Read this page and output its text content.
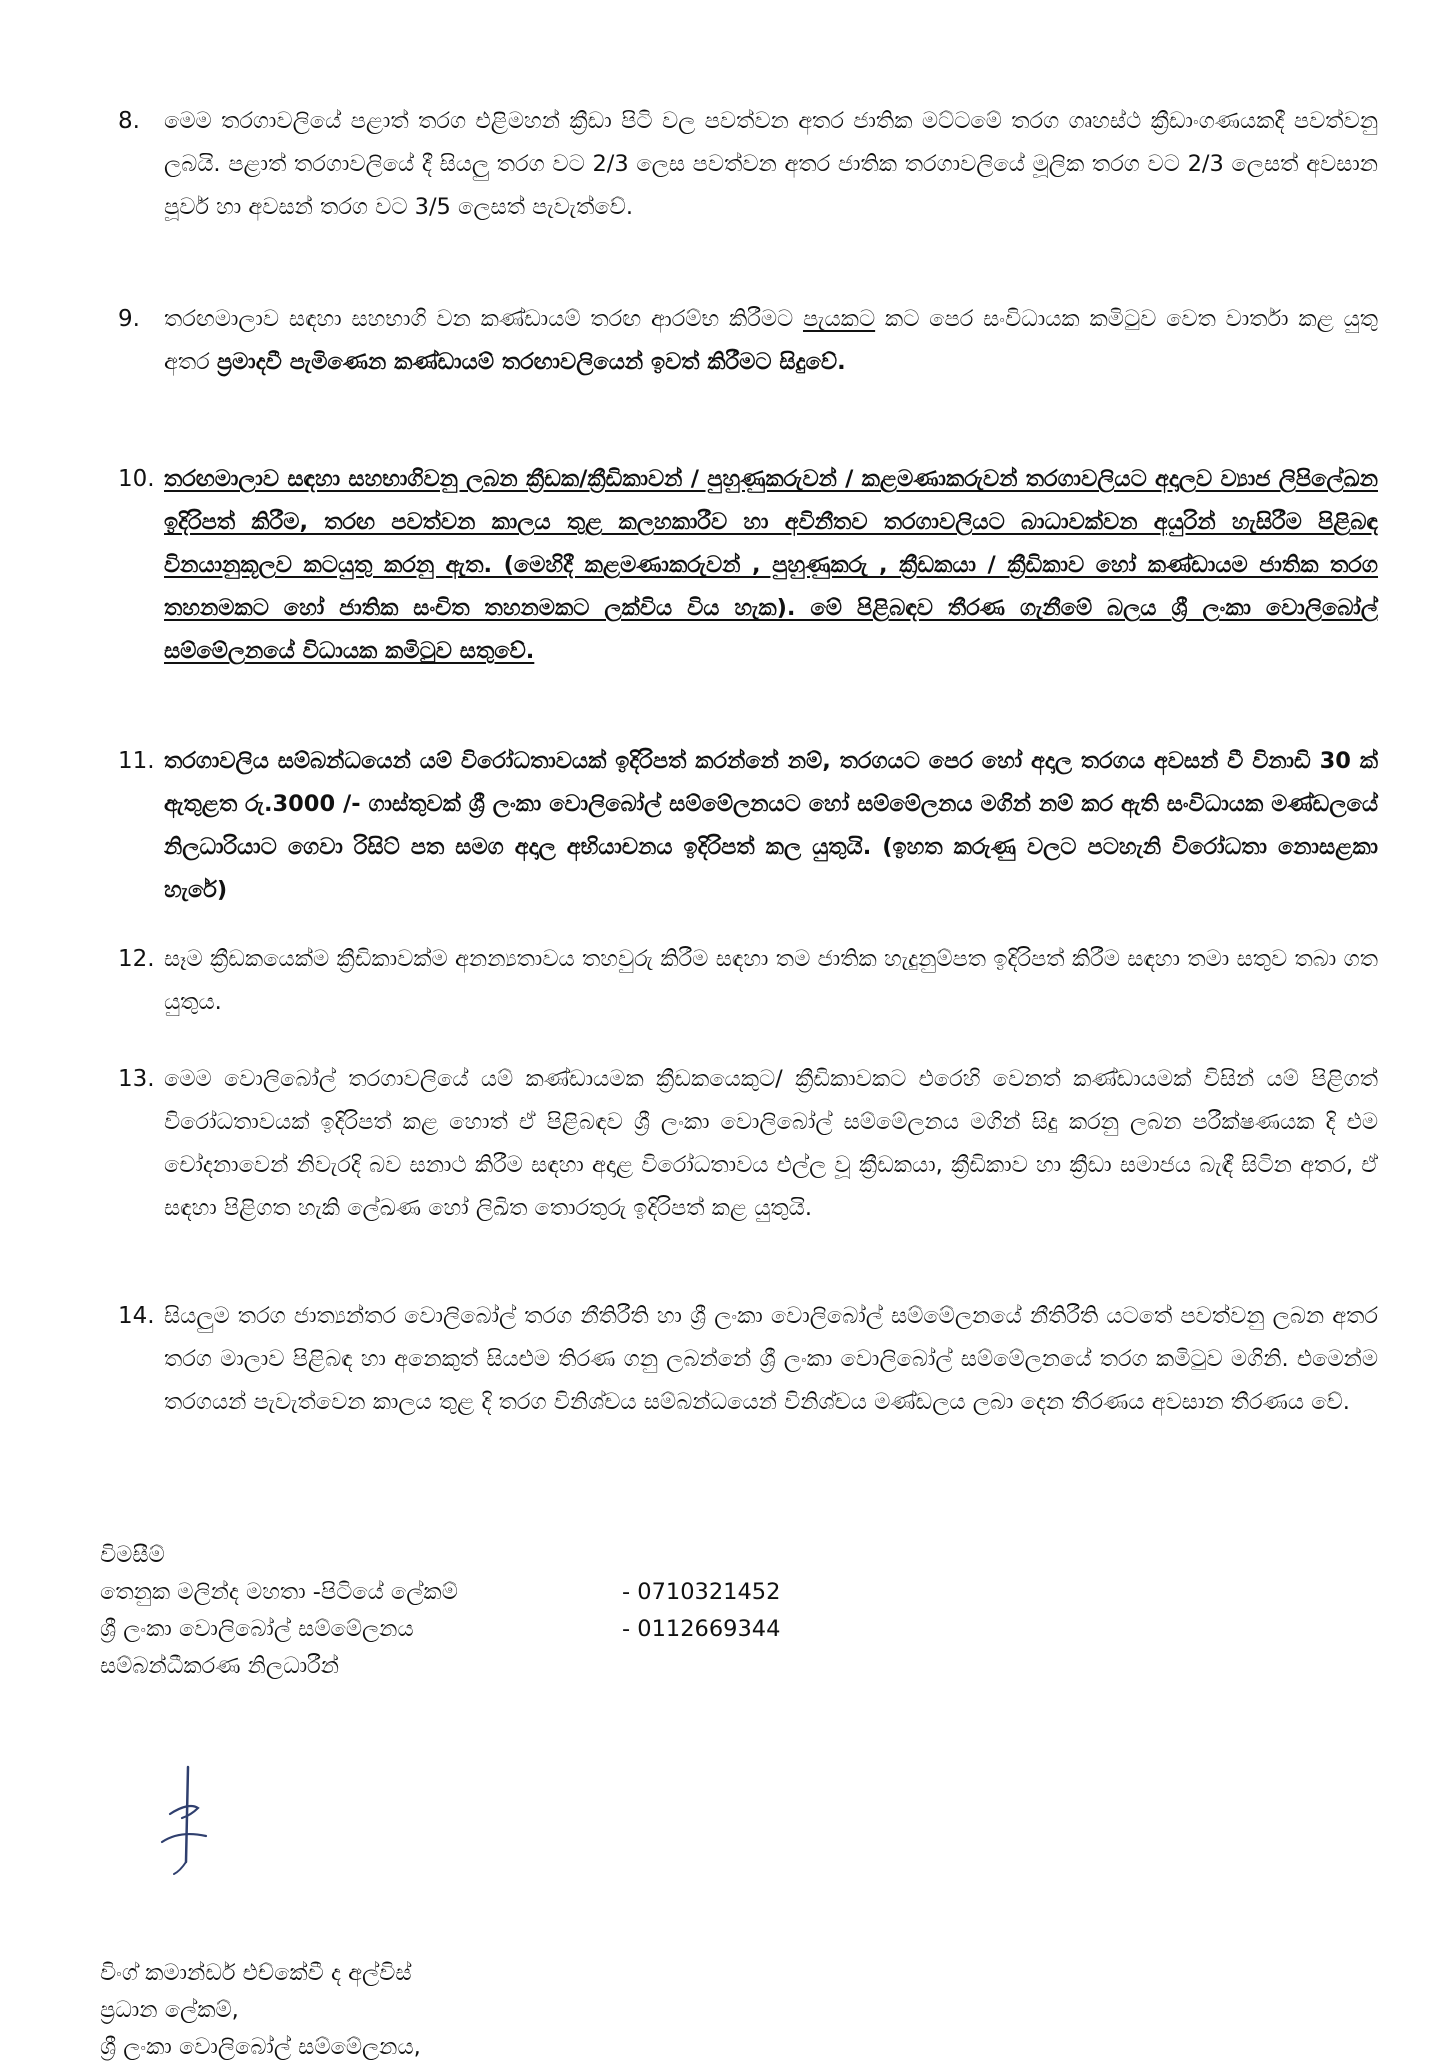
8. මෙම තරගාවලියේ පළාත් තරග එළිමහන් ක්‍රීඩා පිටි වල පවත්වන අතර ජාතික මට්ටමේ තරග ගෘහස්ථ ක්‍රීඩාංගණයකදී පවත්වනු ලබයි. පළාත් තරගාවලියේ දී සියලු තරග වට 2/3 ලෙස පවත්වන අතර ජාතික තරගාවලියේ මූලික තරග වට 2/3 ලෙසත් අවසාන පූර්ව හා අවසන් තරග වට 3/5 ලෙසත් පැවැත්වේ.
9. තරඟමාලාව සඳහා සහභාගි වන කණ්ඩායම් තරඟ ආරම්භ කිරීමට පැයකට කට පෙර සංවිධායක කමිටුව වෙත වාර්තා කළ යුතු අතර ප්‍රමාදවී පැමිණෙන කණ්ඩායම් තරඟාවලියෙන් ඉවත් කිරීමට සිදුවේ.
10. තරඟමාලාව සඳහා සහභාගිවනු ලබන ක්‍රීඩක/ක්‍රීඩිකාවන් / පුහුණුකරුවන් / කළමණාකරුවන් තරගාවලියට අදාලව ව්‍යාජ ලිපිලේඛන ඉදිරිපත් කිරීම, තරඟ පවත්වන කාලය තුළ කලහකාරීව හා අවිනීතව තරගාවලියට බාධාවක්වන අයුරින් හැසිරීම පිළිබඳ විනයානුකූලව කටයුතු කරනු ඇත. (මෙහිදී කළමණාකරුවන් , පුහුණුකරු , ක්‍රීඩකයා / ක්‍රීඩිකාව හෝ කණ්ඩායම ජාතික තරග තහනමකට හෝ ජාතික සංචිත තහනමකට ලක්විය විය හැක). මේ පිළිබඳව තීරණ ගැනීමේ බලය ශ්‍රී ලංකා වොලිබෝල් සම්මේලනයේ විධායක කමිටුව සතුවේ.
11. තරගාවලිය සම්බන්ධයෙන් යම් විරෝධතාවයක් ඉදිරිපත් කරන්නේ නම්, තරගයට පෙර හෝ අදාල තරගය අවසන් වී විනාඩි 30 ක් ඇතුළත රු.3000 /- ගාස්තුවක් ශ්‍රී ලංකා වොලිබෝල් සම්මේලනයට හෝ සම්මේලනය මගින් නම් කර ඇති සංවිධායක මණ්ඩලයේ නිලධාරියාට ගෙවා රිසිට් පත සමග අදාල අභියාචනය ඉදිරිපත් කල යුතුයි. (ඉහත කරුණු වලට පටහැනි විරෝධතා නොසළකා හැරේ)
12. සෑම ක්‍රීඩකයෙක්ම ක්‍රීඩිකාවක්ම අනන්‍යතාවය තහවුරු කිරීම සඳහා තම ජාතික හැදුනුම්පත ඉදිරිපත් කිරීම සඳහා තමා සතුව තබා ගත යුතුය.
13. මෙම වොලිබෝල් තරගාවලියේ යම් කණ්ඩායමක ක්‍රීඩකයෙකුට/ ක්‍රීඩිකාවකට එරෙහි වෙනත් කණ්ඩායමක් විසින් යම් පිළිගත් විරෝධතාවයක් ඉදිරිපත් කළ හොත් ඒ පිළිබඳව ශ්‍රී ලංකා වොලිබෝල් සම්මේලනය මගින් සිදු කරනු ලබන පරීක්ෂණයක දි එම චෝදනාවෙන් නිවැරදි බව සනාථ කිරීම සඳහා අදාළ විරෝධතාවය එල්ල වූ ක්‍රීඩකයා, ක්‍රීඩිකාව හා ක්‍රීඩා සමාජය බැඳී සිටින අතර, ඒ සඳහා පිළිගත හැකි ලේඛණ හෝ ලිඛිත තොරතුරු ඉදිරිපත් කළ යුතුයි.
14. සියලුම තරග ජාත්‍යන්තර වොලිබෝල් තරග නීතිරීති හා ශ්‍රී ලංකා වොලිබෝල් සම්මේලනයේ නීතිරීති යටතේ පවත්වනු ලබන අතර තරග මාලාව පිළිබඳ හා අනෙකුත් සියළුම තිරණ ගනු ලබන්නේ ශ්‍රී ලංකා වොලිබෝල් සම්මේලනයේ තරග කමිටුව මගිනි. එමෙන්ම තරගයන් පැවැත්වෙන කාලය තුළ දි තරග විනිශ්චය සම්බන්ධයෙන් විනිශ්චය මණ්ඩලය ලබා දෙන තීරණය අවසාන තීරණය වේ.
විමසීම්
තෙනුක මලින්ද මහතා -පිටියේ ලේකම්	- 0710321452
ශ්‍රී ලංකා වොලිබෝල් සම්මේලනය	- 0112669344
සම්බන්ධීකරණ නිලධාරීන්
විංග් කමාන්ඩර් එච්කේවී ද අල්විස්
ප්‍රධාන ලේකම්,
ශ්‍රී ලංකා වොලිබෝල් සම්මේලනය,
